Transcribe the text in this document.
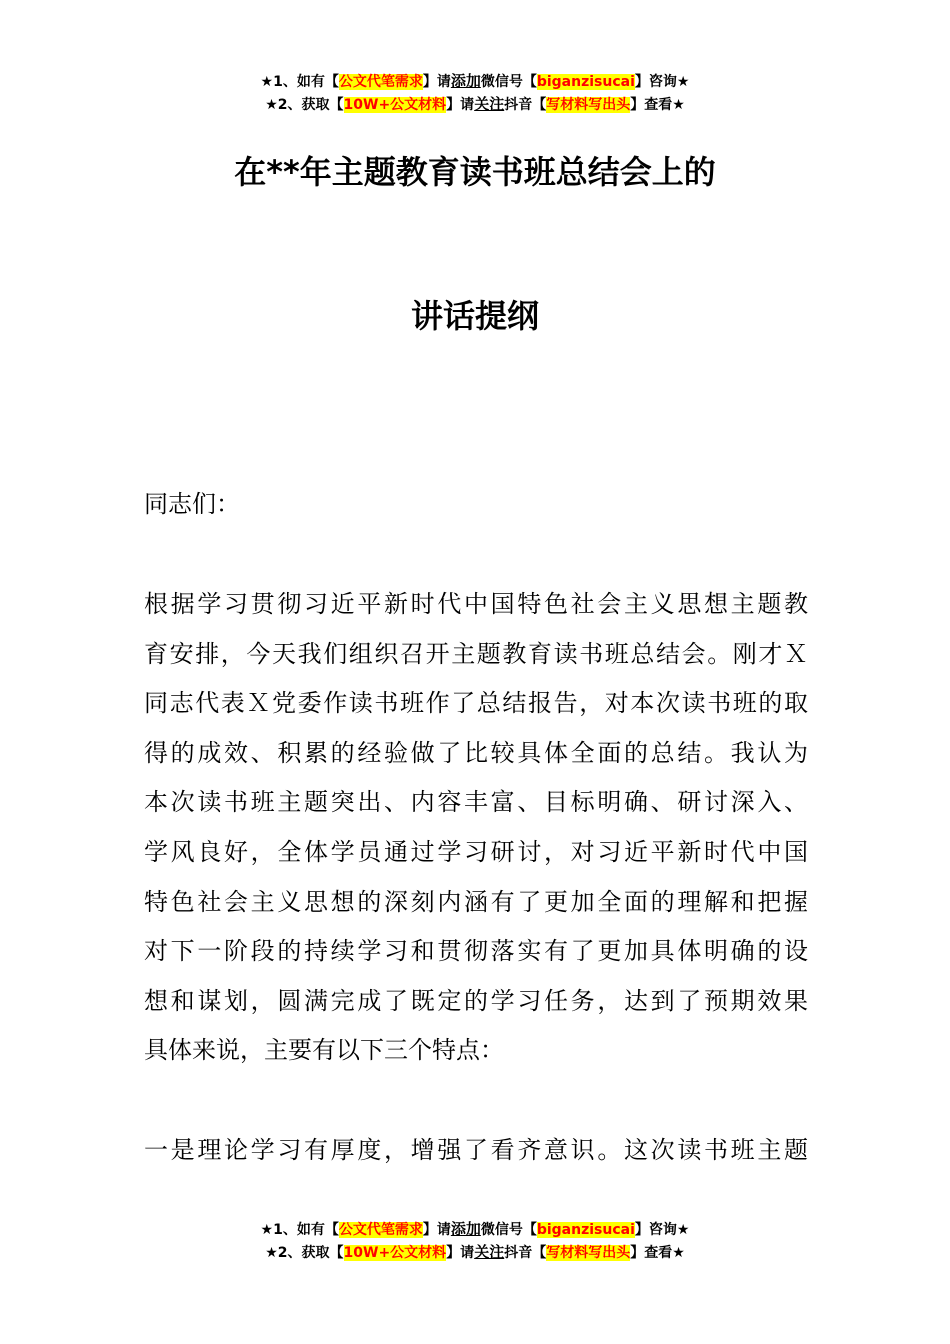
★1、如有【公文代笔需求】请添加微信号【biganzisucai】咨询★
★2、获取【10W+公文材料】请关注抖音【写材料写出头】查看★
在**年主题教育读书班总结会上的
讲话提纲
同志们：
根据学习贯彻习近平新时代中国特色社会主义思想主题教
育安排，今天我们组织召开主题教育读书班总结会。刚才Ｘ
同志代表Ｘ党委作读书班作了总结报告，对本次读书班的取
得的成效、积累的经验做了比较具体全面的总结。我认为
本次读书班主题突出、内容丰富、目标明确、研讨深入、
学风良好，全体学员通过学习研讨，对习近平新时代中国
特色社会主义思想的深刻内涵有了更加全面的理解和把握
对下一阶段的持续学习和贯彻落实有了更加具体明确的设
想和谋划，圆满完成了既定的学习任务，达到了预期效果
具体来说，主要有以下三个特点：
一是理论学习有厚度，增强了看齐意识。这次读书班主题
★1、如有【公文代笔需求】请添加微信号【biganzisucai】咨询★
★2、获取【10W+公文材料】请关注抖音【写材料写出头】查看★
